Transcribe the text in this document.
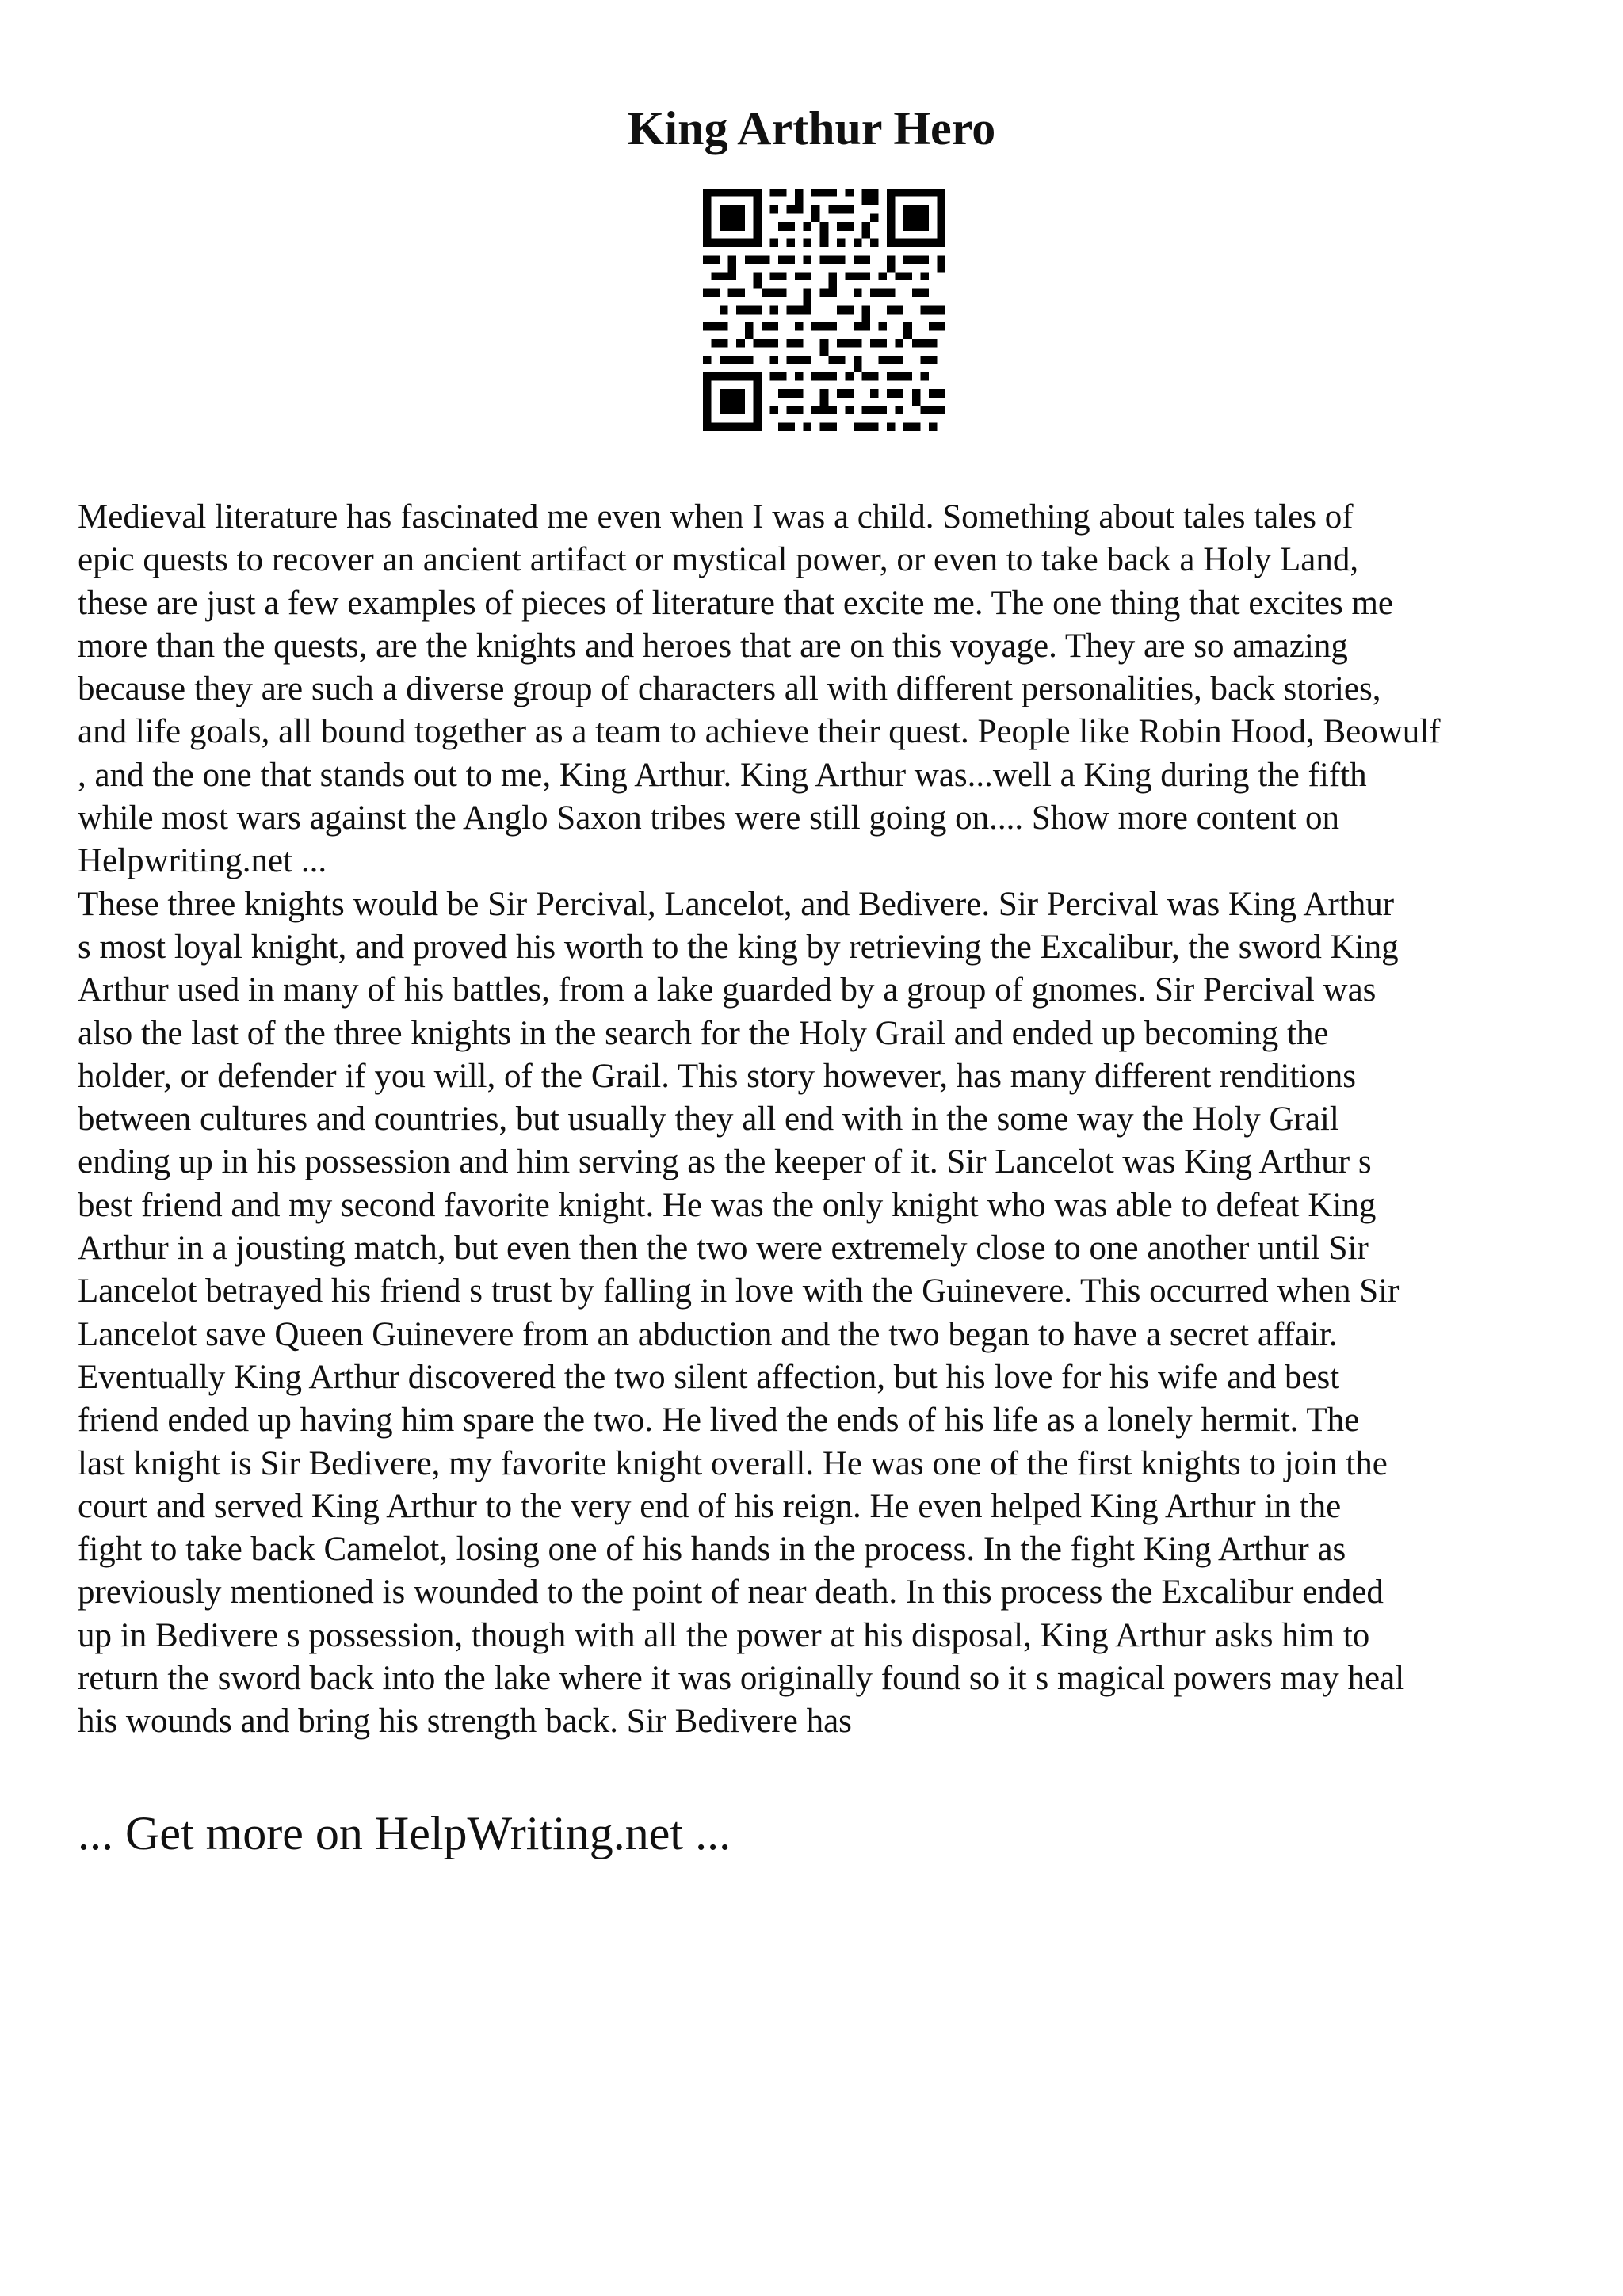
King Arthur Hero
Medieval literature has fascinated me even when I was a child. Something about tales tales of
epic quests to recover an ancient artifact or mystical power, or even to take back a Holy Land,
these are just a few examples of pieces of literature that excite me. The one thing that excites me
more than the quests, are the knights and heroes that are on this voyage. They are so amazing
because they are such a diverse group of characters all with different personalities, back stories,
and life goals, all bound together as a team to achieve their quest. People like Robin Hood, Beowulf
, and the one that stands out to me, King Arthur. King Arthur was...well a King during the fifth
while most wars against the Anglo Saxon tribes were still going on.... Show more content on
Helpwriting.net ...
These three knights would be Sir Percival, Lancelot, and Bedivere. Sir Percival was King Arthur
s most loyal knight, and proved his worth to the king by retrieving the Excalibur, the sword King
Arthur used in many of his battles, from a lake guarded by a group of gnomes. Sir Percival was
also the last of the three knights in the search for the Holy Grail and ended up becoming the
holder, or defender if you will, of the Grail. This story however, has many different renditions
between cultures and countries, but usually they all end with in the some way the Holy Grail
ending up in his possession and him serving as the keeper of it. Sir Lancelot was King Arthur s
best friend and my second favorite knight. He was the only knight who was able to defeat King
Arthur in a jousting match, but even then the two were extremely close to one another until Sir
Lancelot betrayed his friend s trust by falling in love with the Guinevere. This occurred when Sir
Lancelot save Queen Guinevere from an abduction and the two began to have a secret affair.
Eventually King Arthur discovered the two silent affection, but his love for his wife and best
friend ended up having him spare the two. He lived the ends of his life as a lonely hermit. The
last knight is Sir Bedivere, my favorite knight overall. He was one of the first knights to join the
court and served King Arthur to the very end of his reign. He even helped King Arthur in the
fight to take back Camelot, losing one of his hands in the process. In the fight King Arthur as
previously mentioned is wounded to the point of near death. In this process the Excalibur ended
up in Bedivere s possession, though with all the power at his disposal, King Arthur asks him to
return the sword back into the lake where it was originally found so it s magical powers may heal
his wounds and bring his strength back. Sir Bedivere has
... Get more on HelpWriting.net ...
